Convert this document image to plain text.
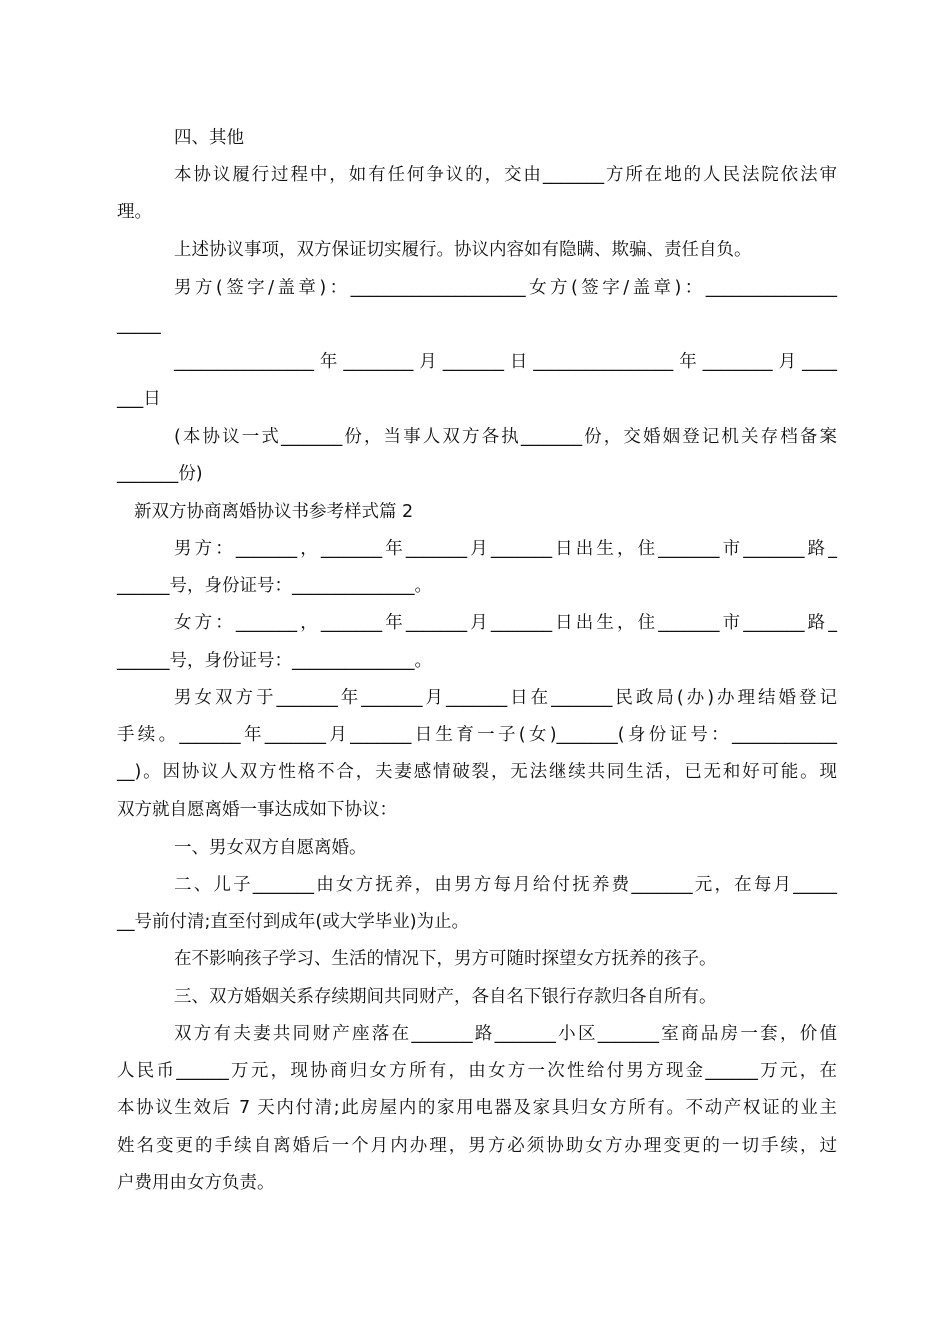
四、其他

本协议履行过程中，如有任何争议的，交由_______方所在地的人民法院依法审

理。

上述协议事项，双方保证切实履行。协议内容如有隐瞒、欺骗、责任自负。

男方(签字/盖章)：____________________女方(签字/盖章)：_______________

_____

________________年________月_______日________________年________月____

___日

(本协议一式_______份，当事人双方各执_______份，交婚姻登记机关存档备案

_______份)

新双方协商离婚协议书参考样式篇 2

男方：_______，_______年_______月_______日出生，住_______市_______路_

______号，身份证号：______________。

女方：_______，_______年_______月_______日出生，住_______市_______路_

______号，身份证号：______________。

男女双方于_______年_______月_______日在_______民政局(办)办理结婚登记

手续。_______年_______月_______日生育一子(女)_______(身份证号：____________

__)。因协议人双方性格不合，夫妻感情破裂，无法继续共同生活，已无和好可能。现

双方就自愿离婚一事达成如下协议：

一、男女双方自愿离婚。

二、儿子_______由女方抚养，由男方每月给付抚养费_______元，在每月_____

__号前付清;直至付到成年(或大学毕业)为止。

在不影响孩子学习、生活的情况下，男方可随时探望女方抚养的孩子。

三、双方婚姻关系存续期间共同财产，各自名下银行存款归各自所有。

双方有夫妻共同财产座落在_______路_______小区_______室商品房一套，价值

人民币______万元，现协商归女方所有，由女方一次性给付男方现金______万元，在

本协议生效后 7 天内付清;此房屋内的家用电器及家具归女方所有。不动产权证的业主

姓名变更的手续自离婚后一个月内办理，男方必须协助女方办理变更的一切手续，过

户费用由女方负责。
